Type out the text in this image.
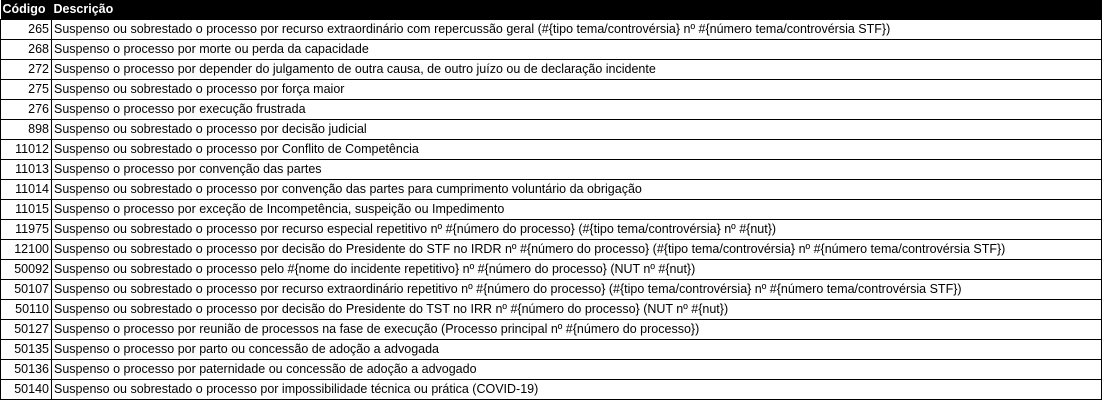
Código	Descrição
265	Suspenso ou sobrestado o processo por recurso extraordinário com repercussão geral (#{tipo tema/controvérsia} nº #{número tema/controvérsia STF})
268	Suspenso o processo por morte ou perda da capacidade
272	Suspenso o processo por depender do julgamento de outra causa, de outro juízo ou de declaração incidente
275	Suspenso ou sobrestado o processo por força maior
276	Suspenso o processo por execução frustrada
898	Suspenso ou sobrestado o processo por decisão judicial
11012	Suspenso ou sobrestado o processo por Conflito de Competência
11013	Suspenso o processo por convenção das partes
11014	Suspenso ou sobrestado o processo por convenção das partes para cumprimento voluntário da obrigação
11015	Suspenso o processo por exceção de Incompetência, suspeição ou Impedimento
11975	Suspenso ou sobrestado o processo por recurso especial repetitivo nº #{número do processo} (#{tipo tema/controvérsia} nº #{nut})
12100	Suspenso ou sobrestado o processo por decisão do Presidente do STF no IRDR nº #{número do processo} (#{tipo tema/controvérsia} nº #{número tema/controvérsia STF})
50092	Suspenso ou sobrestado o processo pelo #{nome do incidente repetitivo} nº #{número do processo} (NUT nº #{nut})
50107	Suspenso ou sobrestado o processo por recurso extraordinário repetitivo nº #{número do processo} (#{tipo tema/controvérsia} nº #{número tema/controvérsia STF})
50110	Suspenso ou sobrestado o processo por decisão do Presidente do TST no IRR nº #{número do processo} (NUT nº #{nut})
50127	Suspenso o processo por reunião de processos na fase de execução (Processo principal nº #{número do processo})
50135	Suspenso o processo por parto ou concessão de adoção a advogada
50136	Suspenso o processo por paternidade ou concessão de adoção a advogado
50140	Suspenso ou sobrestado o processo por impossibilidade técnica ou prática (COVID-19)
